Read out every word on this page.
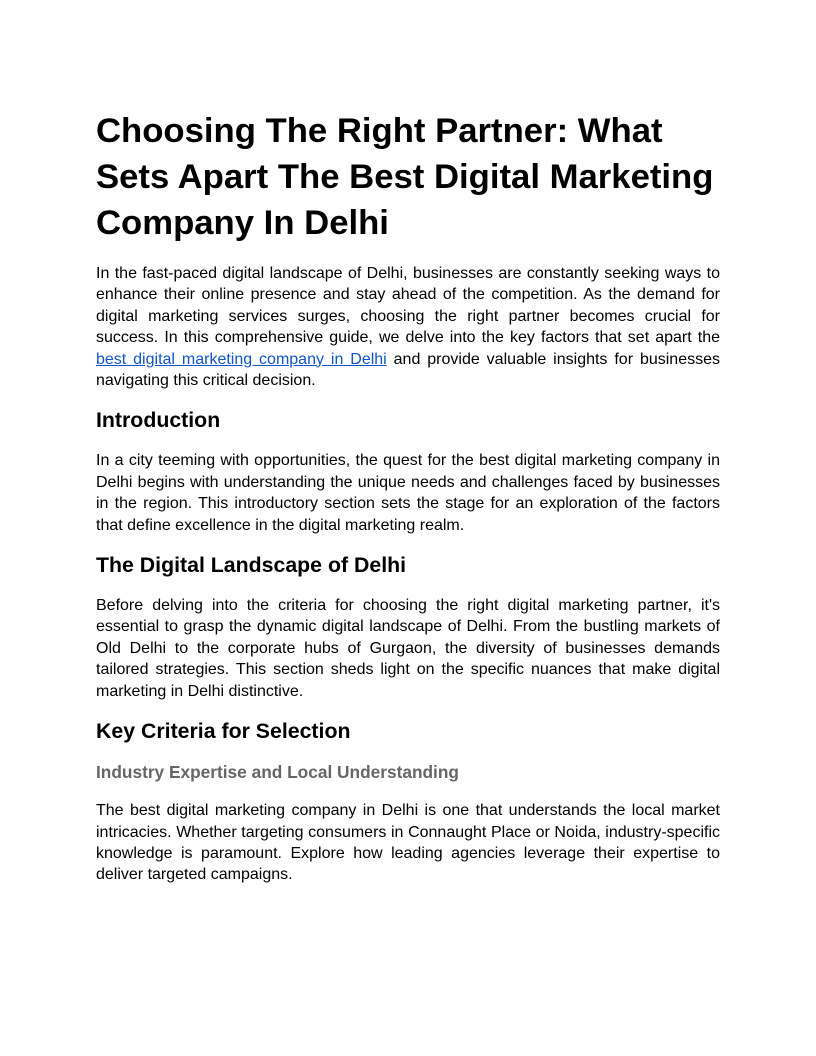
Choosing The Right Partner: What Sets Apart The Best Digital Marketing Company In Delhi

In the fast-paced digital landscape of Delhi, businesses are constantly seeking ways to enhance their online presence and stay ahead of the competition. As the demand for digital marketing services surges, choosing the right partner becomes crucial for success. In this comprehensive guide, we delve into the key factors that set apart the best digital marketing company in Delhi and provide valuable insights for businesses navigating this critical decision.

Introduction

In a city teeming with opportunities, the quest for the best digital marketing company in Delhi begins with understanding the unique needs and challenges faced by businesses in the region. This introductory section sets the stage for an exploration of the factors that define excellence in the digital marketing realm.

The Digital Landscape of Delhi

Before delving into the criteria for choosing the right digital marketing partner, it's essential to grasp the dynamic digital landscape of Delhi. From the bustling markets of Old Delhi to the corporate hubs of Gurgaon, the diversity of businesses demands tailored strategies. This section sheds light on the specific nuances that make digital marketing in Delhi distinctive.

Key Criteria for Selection
Industry Expertise and Local Understanding

The best digital marketing company in Delhi is one that understands the local market intricacies. Whether targeting consumers in Connaught Place or Noida, industry-specific knowledge is paramount. Explore how leading agencies leverage their expertise to deliver targeted campaigns.
